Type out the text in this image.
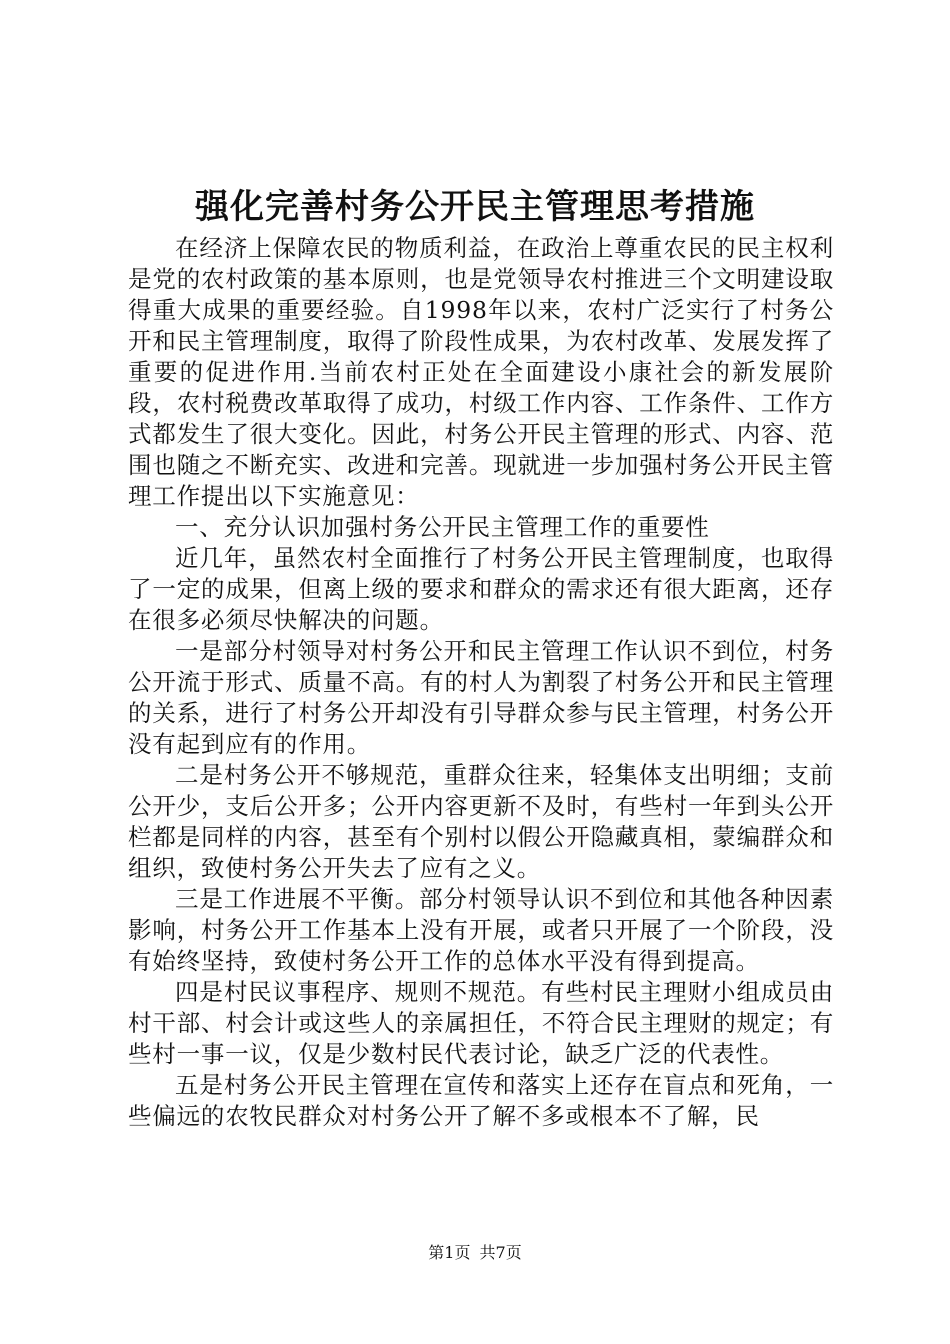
强化完善村务公开民主管理思考措施

在经济上保障农民的物质利益，在政治上尊重农民的民主权利是党的农村政策的基本原则，也是党领导农村推进三个文明建设取得重大成果的重要经验。自1998年以来，农村广泛实行了村务公开和民主管理制度，取得了阶段性成果，为农村改革、发展发挥了重要的促进作用.当前农村正处在全面建设小康社会的新发展阶段，农村税费改革取得了成功，村级工作内容、工作条件、工作方式都发生了很大变化。因此，村务公开民主管理的形式、内容、范围也随之不断充实、改进和完善。现就进一步加强村务公开民主管理工作提出以下实施意见：

一、充分认识加强村务公开民主管理工作的重要性

近几年，虽然农村全面推行了村务公开民主管理制度，也取得了一定的成果，但离上级的要求和群众的需求还有很大距离，还存在很多必须尽快解决的问题。

一是部分村领导对村务公开和民主管理工作认识不到位，村务公开流于形式、质量不高。有的村人为割裂了村务公开和民主管理的关系，进行了村务公开却没有引导群众参与民主管理，村务公开没有起到应有的作用。

二是村务公开不够规范，重群众往来，轻集体支出明细；支前公开少，支后公开多；公开内容更新不及时，有些村一年到头公开栏都是同样的内容，甚至有个别村以假公开隐藏真相，蒙编群众和组织，致使村务公开失去了应有之义。

三是工作进展不平衡。部分村领导认识不到位和其他各种因素影响，村务公开工作基本上没有开展，或者只开展了一个阶段，没有始终坚持，致使村务公开工作的总体水平没有得到提高。

四是村民议事程序、规则不规范。有些村民主理财小组成员由村干部、村会计或这些人的亲属担任，不符合民主理财的规定；有些村一事一议，仅是少数村民代表讨论，缺乏广泛的代表性。

五是村务公开民主管理在宣传和落实上还存在盲点和死角，一些偏远的农牧民群众对村务公开了解不多或根本不了解，民

第1页 共7页
